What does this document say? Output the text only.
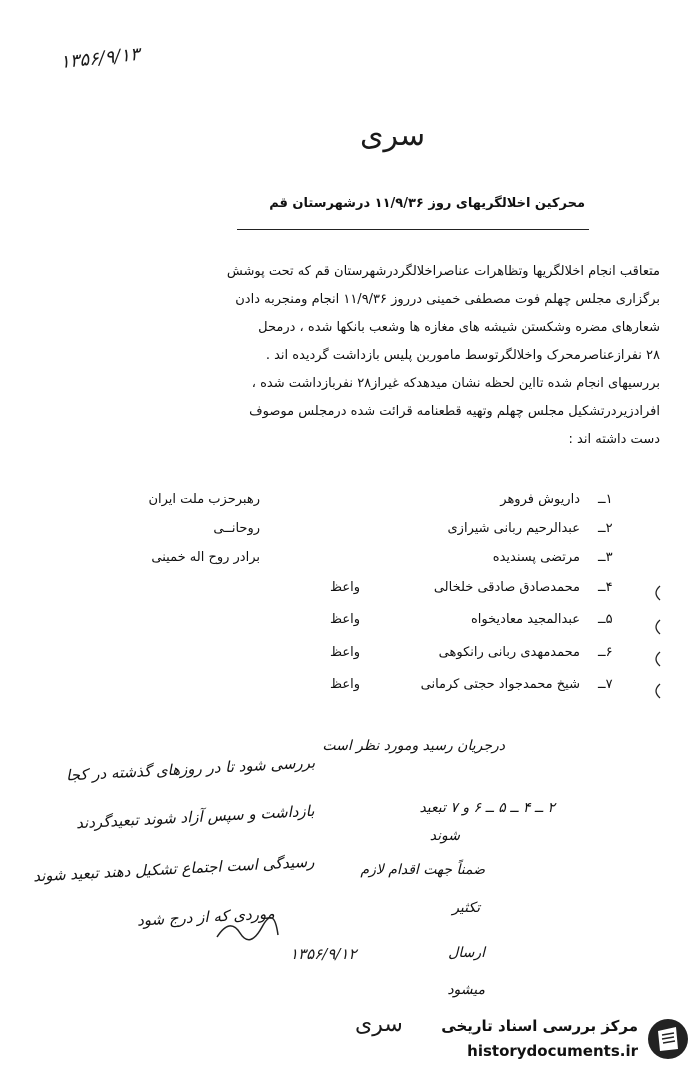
۱۳۵۶/۹/۱۳
سری
محرکین اخلالگریهای روز ۱۱/۹/۳۶ درشهرستان قم
متعاقب انجام اخلالگریها وتظاهرات عناصراخلالگردرشهرستان قم که تحت پوشش
برگزاری مجلس چهلم فوت مصطفی خمینی درروز ۱۱/۹/۳۶ انجام ومنجربه دادن
شعارهای مضره وشکستن شیشه های مغازه ها وشعب بانکها شده ، درمحل
۲۸ نفرازعناصرمحرک واخلالگرتوسط ماموربن پلیس بازداشت گردیده اند .
بررسیهای انجام شده تااین لحظه نشان میدهدکه غیراز۲۸ نفربازداشت شده ،
افرادزیردرتشکیل مجلس چهلم وتهیه قطعنامه قرائت شده درمجلس موصوف
دست داشته اند :
۱ــ
داریوش فروهر
رهبرحزب ملت ایران
۲ــ
عبدالرحیم ربانی شیرازی
روحانــی
۳ــ
مرتضی پسندیده
برادر روح اله خمینی
۴ــ
محمدصادق صادقی خلخالی
واعظ
۵ــ
عبدالمجید معادیخواه
واعظ
۶ــ
محمدمهدی ربانی رانکوهی
واعظ
۷ــ
شیخ محمدجواد حجتی کرمانی
واعظ
درجریان رسید ومورد نظر است
۲ ــ ۴ ــ ۵ ــ ۶ و ۷ تبعید
شوند
ضمناً جهت اقدام لازم
تکثیر
ارسال
میشود
بررسی شود تا در روزهای گذشته در کجا
بازداشت و سپس آزاد شوند تبعیدگردند
رسیدگی است اجتماع تشکیل دهند تبعید شوند
موردی که از درج شود
۱۳۵۶/۹/۱۲
سری	مرکز بررسی اسناد تاریخی
historydocuments.ir
